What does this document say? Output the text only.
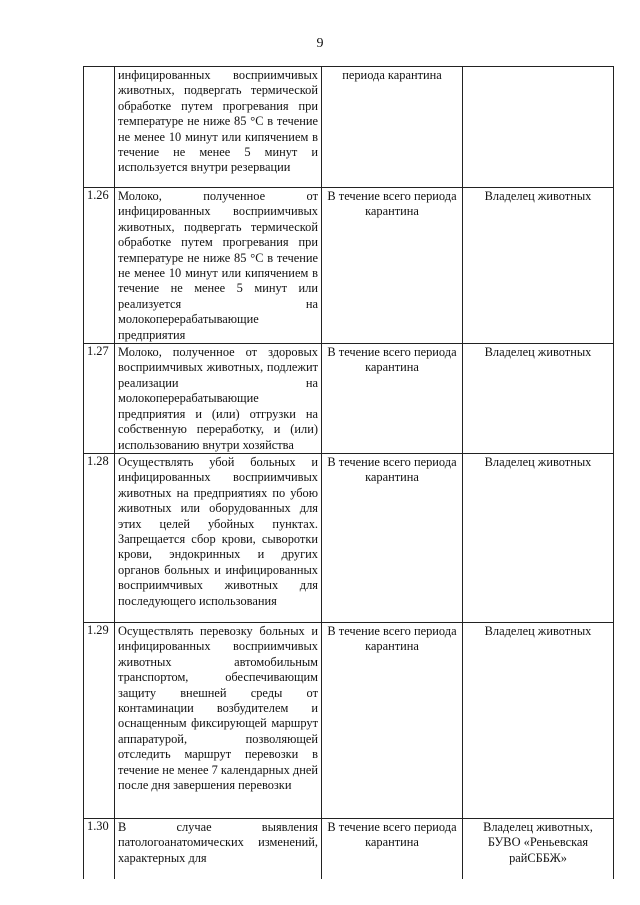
9

	инфицированных восприимчивых животных, подвергать термической обработке путем прогревания при температуре не ниже 85 °С в течение не менее 10 минут или кипячением в течение не менее 5 минут и используется внутри резервации	периода карантина	

1.26	Молоко, полученное от инфицированных восприимчивых животных, подвергать термической обработке путем прогревания при температуре не ниже 85 °С в течение не менее 10 минут или кипячением в течение не менее 5 минут или реализуется на молокоперерабатывающие предприятия	В течение всего периода карантина	Владелец животных

1.27	Молоко, полученное от здоровых восприимчивых животных, подлежит реализации на молокоперерабатывающие предприятия и (или) отгрузки на собственную переработку, и (или) использованию внутри хозяйства	В течение всего периода карантина	Владелец животных

1.28	Осуществлять убой больных и инфицированных восприимчивых животных на предприятиях по убою животных или оборудованных для этих целей убойных пунктах. Запрещается сбор крови, сыворотки крови, эндокринных и других органов больных и инфицированных восприимчивых животных для последующего использования	В течение всего периода карантина	Владелец животных

1.29	Осуществлять перевозку больных и инфицированных восприимчивых животных автомобильным транспортом, обеспечивающим защиту внешней среды от контаминации возбудителем и оснащенным фиксирующей маршрут аппаратурой, позволяющей отследить маршрут перевозки в течение не менее 7 календарных дней после дня завершения перевозки	В течение всего периода карантина	Владелец животных

1.30	В случае выявления патологоанатомических изменений, характерных для	В течение всего периода карантина	Владелец животных, БУВО «Реньевская райСББЖ»
